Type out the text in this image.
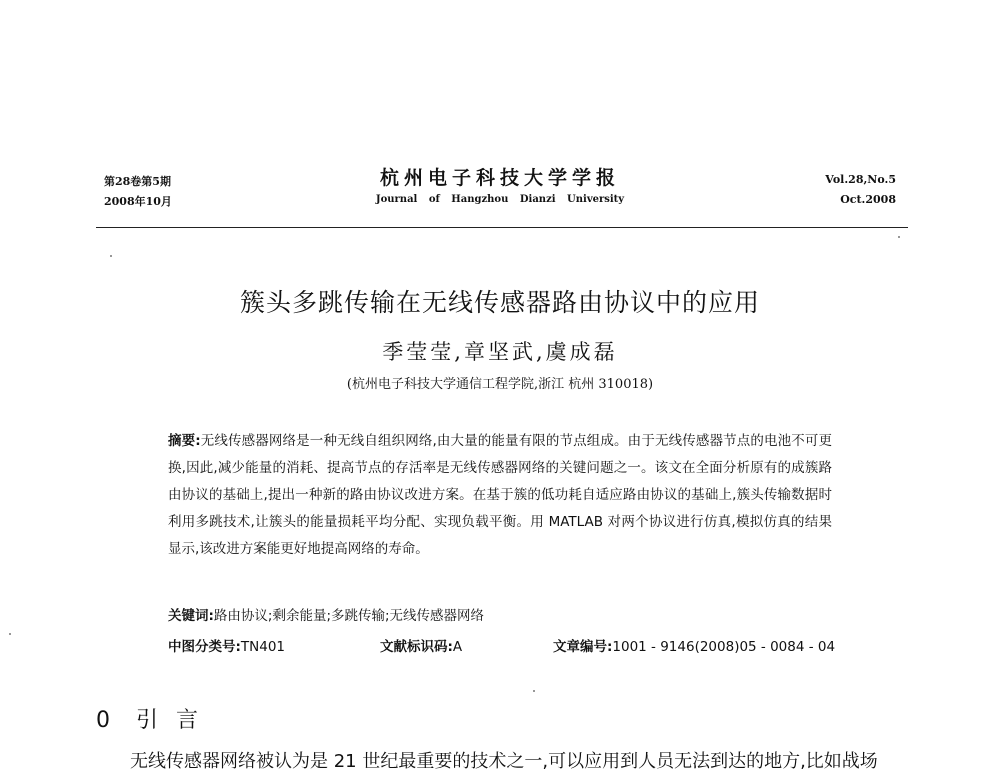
第28卷第5期
2008年10月
杭州电子科技大学学报
Journal of Hangzhou Dianzi University
Vol.28,No.5
Oct.2008
簇头多跳传输在无线传感器路由协议中的应用
季莹莹,章坚武,虞成磊
(杭州电子科技大学通信工程学院,浙江 杭州 310018)
摘要:无线传感器网络是一种无线自组织网络,由大量的能量有限的节点组成。由于无线传感器节点的电池不可更换,因此,减少能量的消耗、提高节点的存活率是无线传感器网络的关键问题之一。该文在全面分析原有的成簇路由协议的基础上,提出一种新的路由协议改进方案。在基于簇的低功耗自适应路由协议的基础上,簇头传输数据时利用多跳技术,让簇头的能量损耗平均分配、实现负载平衡。用 MATLAB 对两个协议进行仿真,模拟仿真的结果显示,该改进方案能更好地提高网络的寿命。
关键词:路由协议;剩余能量;多跳传输;无线传感器网络
中图分类号:TN401	文献标识码:A	文章编号:1001 - 9146(2008)05 - 0084 - 04
0 引言
无线传感器网络被认为是 21 世纪最重要的技术之一,可以应用到人员无法到达的地方,比如战场
